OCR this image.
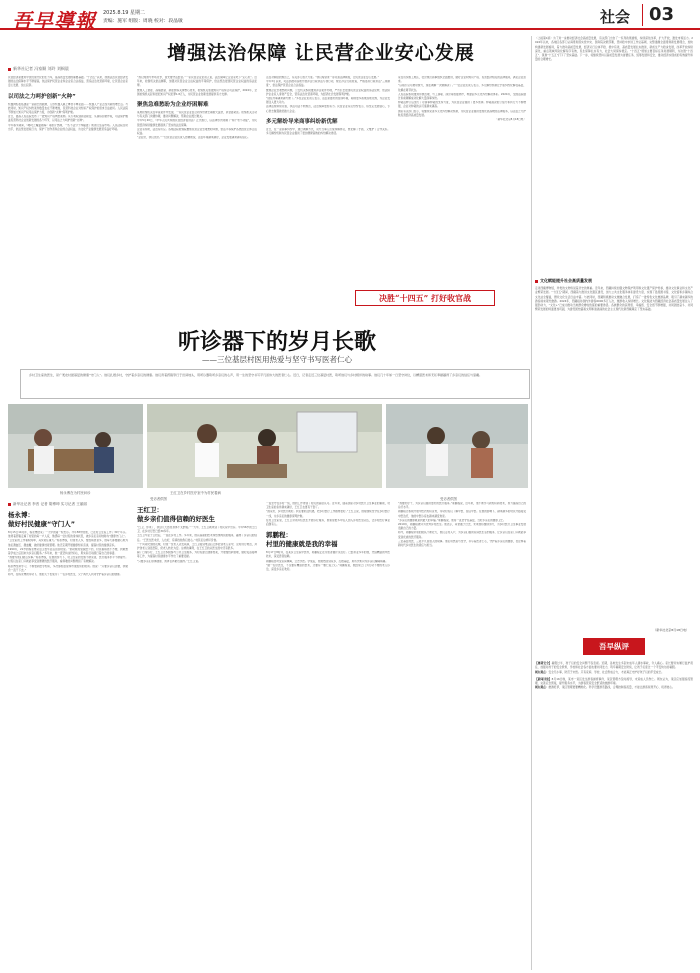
吾早導報 2025.8.19 星期二
责编：施军 组版：周晓 校对：段晶敏	社会 03
增强法治保障 让民营企业安心发展
新华社记者 冯家顺 刘玲 刘枫晨
民营经济是推进中国式现代化的生力军，是高质量发展的重要基础。“十四五”以来，我国法治民营经济发展的法治保障水平不断提高，依法保护民营企业和企业家合法权益，营造法治化营商环境，让民营企业家安心发展、放心投资。
以司法之力呵护创新“火种”
机器狗轻松搭建起一条超长的跑道，人形机器人跳上舞台手舞足蹈……机器人产业正成为新的增长点。与此同时，知识产权纠纷案件数量也在不断增加，民营科技企业对知识产权保护的需求日益迫切。人民法院不断加大知识产权司法保护力度，为创新“火种”保驾护航。
近日，最高人民法院发布了一批知识产权典型案例。从专利权到商业秘密，从商标到著作权，司法保护覆盖民营科技企业创新发展的各个环节，以司法之力呵护创新“火种”。
今年春节期间，《哪吒之魔童闹海》等影片热映，一些不法分子却瞄准了周边衍生品市场。人民法院及时出手，依法惩处侵权行为，保护了创作者和企业的合法权益，为文化产业健康发展营造良好环境。
“我们知道与市场竞争，首先要守法经营。”一家民营企业负责人说，法治保障让企业家吃下“定心丸”。近年来，检察机关依法履职，加强对民营企业合法权益的平等保护，依法惩治侵害民营企业权益的违法犯罪。
聚焦人工智能、高端装备、新能源等关键核心技术，检察机关加强知识产权综合司法保护，2024年，全国检察机关起诉侵犯知识产权犯罪1.8万人，为民营企业创新发展提供有力支撑。
聚焦急难愁盼为企业纾困解难
某地检察机关在审查案件中发现，一家民营企业因合同纠纷被长期拖欠货款，资金链紧张。检察机关主动与有关部门沟通协调，推动问题解决，帮助企业渡过难关。
今年5月20日，《中华人民共和国民营经济促进法》正式施行，以法律形式明确了“两个毫不动摇”，为民营经济持续健康发展提供了坚实的法治保障。
企业有所盼，法治有所应。各地法院检察院聚焦民营企业急难愁盼问题，依法平等保护各类经营主体合法权益。
“企业好，我们也好。”一位民营企业负责人感慨地说，法治环境越来越好，企业发展越来越有信心。
点在对制度的规范上，有关部门加大力度。“我们希望进一步完善法律制度，让民营企业安心发展。”
今年3月以来，司法部推动各地开展涉企行政执法专项行动，规范涉企行政检查，严格落实行政执法“三项制度”，依法保护民营企业合法权益。
聚焦企业急难愁盼问题，公安机关积极推进涉企案件办理，严厉打击侵害民营企业权益的违法犯罪，依法保护企业家人身财产安全，营造法治化营商环境，为经济社会发展保驾护航。
“现在办事越来越方便了。”多位企业负责人表示，法治是最好的营商环境，期待更多政策落地见效，为企业发展注入更大动力。
法律法规持续完善，执法司法不断规范，法治保障更加有力。民营企业家们纷纷表示，将坚定发展信心，专心致志做强做优做大企业。
多元解纷导来商事纠纷新优解
近日，在一起商事纠纷中，通过调解方式，双方当事人达成和解协议，既化解了矛盾，又维护了合作关系。多元解纷机制为民营企业提供了更加便捷高效的纠纷解决途径。
家在该实施工地区，社会规范商事组织全面推进，做好企业和知识产权、民营经济相关的法律服务，满足企业需求。
“以前打官司费时费力，现在调解一次就解决了。”一位企业负责人表示，多元解纷机制让矛盾纠纷化解在基层、化解在萌芽状态。
人民法院积极推进诉源治理，与工商联、商会等加强协作，构建起多元化纠纷解决体系。2024年，全国法院通过诉前调解成功化解大量商事纠纷。
仲裁法修订后加大了对商事仲裁的支持力度，为民营企业提供了更多选择。仲裁裁决的公信力和执行力不断增强，企业对仲裁的认可度越来越高。
国家有关部门表示，将继续完善多元化纠纷解决机制，为民营企业提供更加优质高效的法律服务，以法治之力护航民营经济高质量发展。
（新华社北京8月18日电）
决胜“十四五” 打好收官战
听诊器下的岁月长歌
——三位基层村医用热爱与坚守书写医者仁心
乡村卫生室的医生，是广袤农村最基层的健康“守门人”。他们扎根乡村，守护着乡亲们的健康。他们背着药箱穿行于田间地头，用听诊器聆听乡亲们的心声，用一生的坚守书写平凡而伟大的医者仁心。近日，记者走近三位基层村医，聆听他们与乡村相伴的故事。他们几十年如一日坚守岗位，以精湛医术和无私奉献赢得了乡亲们的信任与爱戴。
杨永博在为村民问诊	王红卫在乡村医疗室中为村民看病
受访者供图	受访者供图
新华社记者 李晋 记者 胡博坤 实习记者 王丽丽
杨永博：
做好村民健康“守门人”
8月15日11时许，杨永博结束了一天中的第一轮出诊。今年58岁的他，已在村卫生室工作了39个年头。他背着药箱走遍了村里的每一户人家，熟悉每一位村民的身体状况，被乡亲们亲切地称为“健康守门人”。
“卫生室的工作看似简单，其实责任重大。”杨永博说，村里老人多，慢性病患者多，他每天都要耐心地为他们测血压、测血糖，做好健康档案管理。他还定期开展健康知识宣讲，提高村民的健康意识。
1990年，21岁的杨永博从县卫校毕业后回到村里。“那时候村里缺医少药，村民看病很不方便，我就想着学成之后回来为乡亲们服务。”多年来，他一直坚持这份初心，用实际行动践行着自己的承诺。
“我要为他们做点实事。”杨永博说，在他的努力下，村卫生室的设施不断完善，医疗服务水平不断提升。村民们在家门口就能享受到便捷的医疗服务，看病难的问题得到了有效解决。
杨永博坚持学习，不断更新医学知识，多次参加县里和市里组织的培训。他说：“只要乡亲们需要，我就会一直干下去。”
如今，在杨永博的带动下，他的儿子也成为了一名乡村医生，父子两代人共同守护着乡亲们的健康。
王红卫：
做乡亲们值得信赖的好医生
“红卫，你来了，我这几天感觉身体不太舒服。”一大早，王红卫就来到了村民家中出诊。今年56岁的王红卫，在乡村行医已经30多年。
王红卫毕业于卫校后，一直在乡村工作。多年来，他以高超的医术和热情周到的服务，赢得了乡亲们的信任。“王医生医术好，人也好，有病找他我们放心。”村民们这样评价他。
一个风雨交加的夜晚，村里一位老人突发疾病，王红卫接到电话后立即赶到老人家中，及时进行救治，并护送老人到县医院，使老人转危为安。这样的事例，在王红卫的从医生涯中还有很多。
除了日常诊疗，王红卫还积极参与公共卫生服务，为村民建立健康档案，开展慢性病管理，做好疫苗接种等工作，为提高村民健康水平作出了重要贡献。
“只要乡亲们身体健康，我再苦再累也值得。”王红卫说。
一直坚守在乡村一线，他的工作得到了村民的高度认可。近年来，随着国家对乡村医疗卫生事业的重视，村卫生室的条件越来越好，王红卫也更有干劲了。
“国家好，乡村医疗就好。我们要抓住机遇，把乡村医疗工作做得更好。”王红卫说，他将继续坚守在乡村医疗一线，为乡亲们的健康保驾护航。
在村卫生室里，王红卫带领年轻医生开展诊疗服务，他希望更多年轻人加入乡村医生队伍，让乡村医疗事业后继有人。
郭鹏程：
村里的健康就是我的幸福
8月17日8时许，在某乡卫生院中医科，郭鹏程正在为患者做针灸治疗。已经执业多年的他，凭借精湛的中医技术，深受患者信赖。
郭鹏程自幼受家庭熏陶，立志学医。学成后，他毅然回到家乡，扎根基层，用所学知识为乡亲们解除病痛。
“做一名好医生，不仅要有精湛的医术，还要有一颗仁爱之心。”郭鹏程说，他经常上门为行动不便的老人诊治，深受乡亲们欢迎。
“我要好好干，为乡亲们提供更好的医疗服务。”郭鹏程说，近年来，他不断学习新知识新技术，努力提高自己的诊疗水平。
郭鹏程还积极开展中医药知识宣传，带动村民们了解中医、信任中医。在他的影响下，越来越多的村民开始接受中医治疗，他的中医诊室也越来越受欢迎。
“乡亲们的健康就是我最大的幸福。”郭鹏程说，他将一直坚守在基层，当好乡亲们的健康卫士。
2019年，郭鹏程被评为优秀乡村医生。他表示，荣誉属于过去，未来他将继续努力，为乡村医疗卫生事业发展贡献自己的力量。
如今，郭鹏程带领的团队不断壮大，他们走村入户，为乡亲们提供家庭医生签约服务，让乡亲们在家门口就能享受到优质的医疗服务。
三位基层村医，三段平凡而感人的故事。他们用热爱与坚守，书写着医者仁心，守护着乡亲们的健康，也诠释着新时代乡村医生的责任与担当。
（上接第1版）为了进一步推动经济社会高质量发展，有关部门出台了一系列政策措施，持续深化改革，扩大开放，激发市场活力。2024年以来，各地区各部门认真贯彻落实党中央、国务院决策部署，坚持稳中求进工作总基调，完整准确全面贯彻新发展理念，加快构建新发展格局，着力推动高质量发展，经济运行总体平稳、稳中有进，高质量发展扎实推进，新质生产力稳步发展，改革开放持续深化，重点领域风险化解有序有效，民生保障扎实有力，社会大局保持稳定。“十四五”规划主要目标任务进展顺利，为决胜“十四五”、谋划“十五五”打下了坚实基础。下一步，将继续坚持以高质量发展为首要任务，统筹发展和安全，推动经济实现质的有效提升和量的合理增长。
文化赋能提升社会高质量发展
走进西藏博物馆，珍贵的文物诉说着历史的厚重。近年来，西藏持续加强文物保护利用和文化遗产保护传承，推动文化事业和文化产业繁荣发展。“十四五”期间，西藏着力推进文化强区建设，加大公共文化服务体系建设力度，实现了县级图书馆、文化馆和乡镇综合文化站全覆盖，群众文化生活日益丰富。与此同时，西藏积极推动文旅融合发展，打造了一批特色文化旅游品牌，吸引了越来越多的游客前来观光旅游。2024年，西藏接待国内外游客6000多万人次，旅游收入持续增长。文化赋能为西藏经济社会高质量发展注入了强劲动力，“文化+”已成为推动当地群众增收致富的重要途径。各族群众的获得感、幸福感、安全感不断增强，共同团结奋斗、共同繁荣发展的局面更加巩固，为建设团结富裕文明和谐美丽的社会主义现代化新西藏奠定了坚实基础。
（新华社北京8月18日电）
吾早纵评
【暑期安全】暑假过半，孩子们的安全问题不容忽视。近期，各地发生多起未成年人溺水事故，令人痛心。家长要切实履行监护责任，加强对孩子的安全教育，学校和社会各方面也要共同发力，筑牢暑期安全防线，让孩子们度过一个平安快乐的暑假。
网友观点：安全无小事，防范于未然。只有家庭、学校、社会形成合力，才能真正守护好孩子们的平安成长。
【新闻回放】8月16日晚，某市一景区发生游客拥挤事件，景区管理方及时疏导，未造成人员伤亡。网友认为，景区应加强客流管理，完善应急预案，提升服务水平，为游客营造安全舒适的旅游环境。
网友观点：旅游旺季，景区管理更要精细化。科学设置游览路线，合理控制客流量，才能让游客玩得开心、玩得放心。
